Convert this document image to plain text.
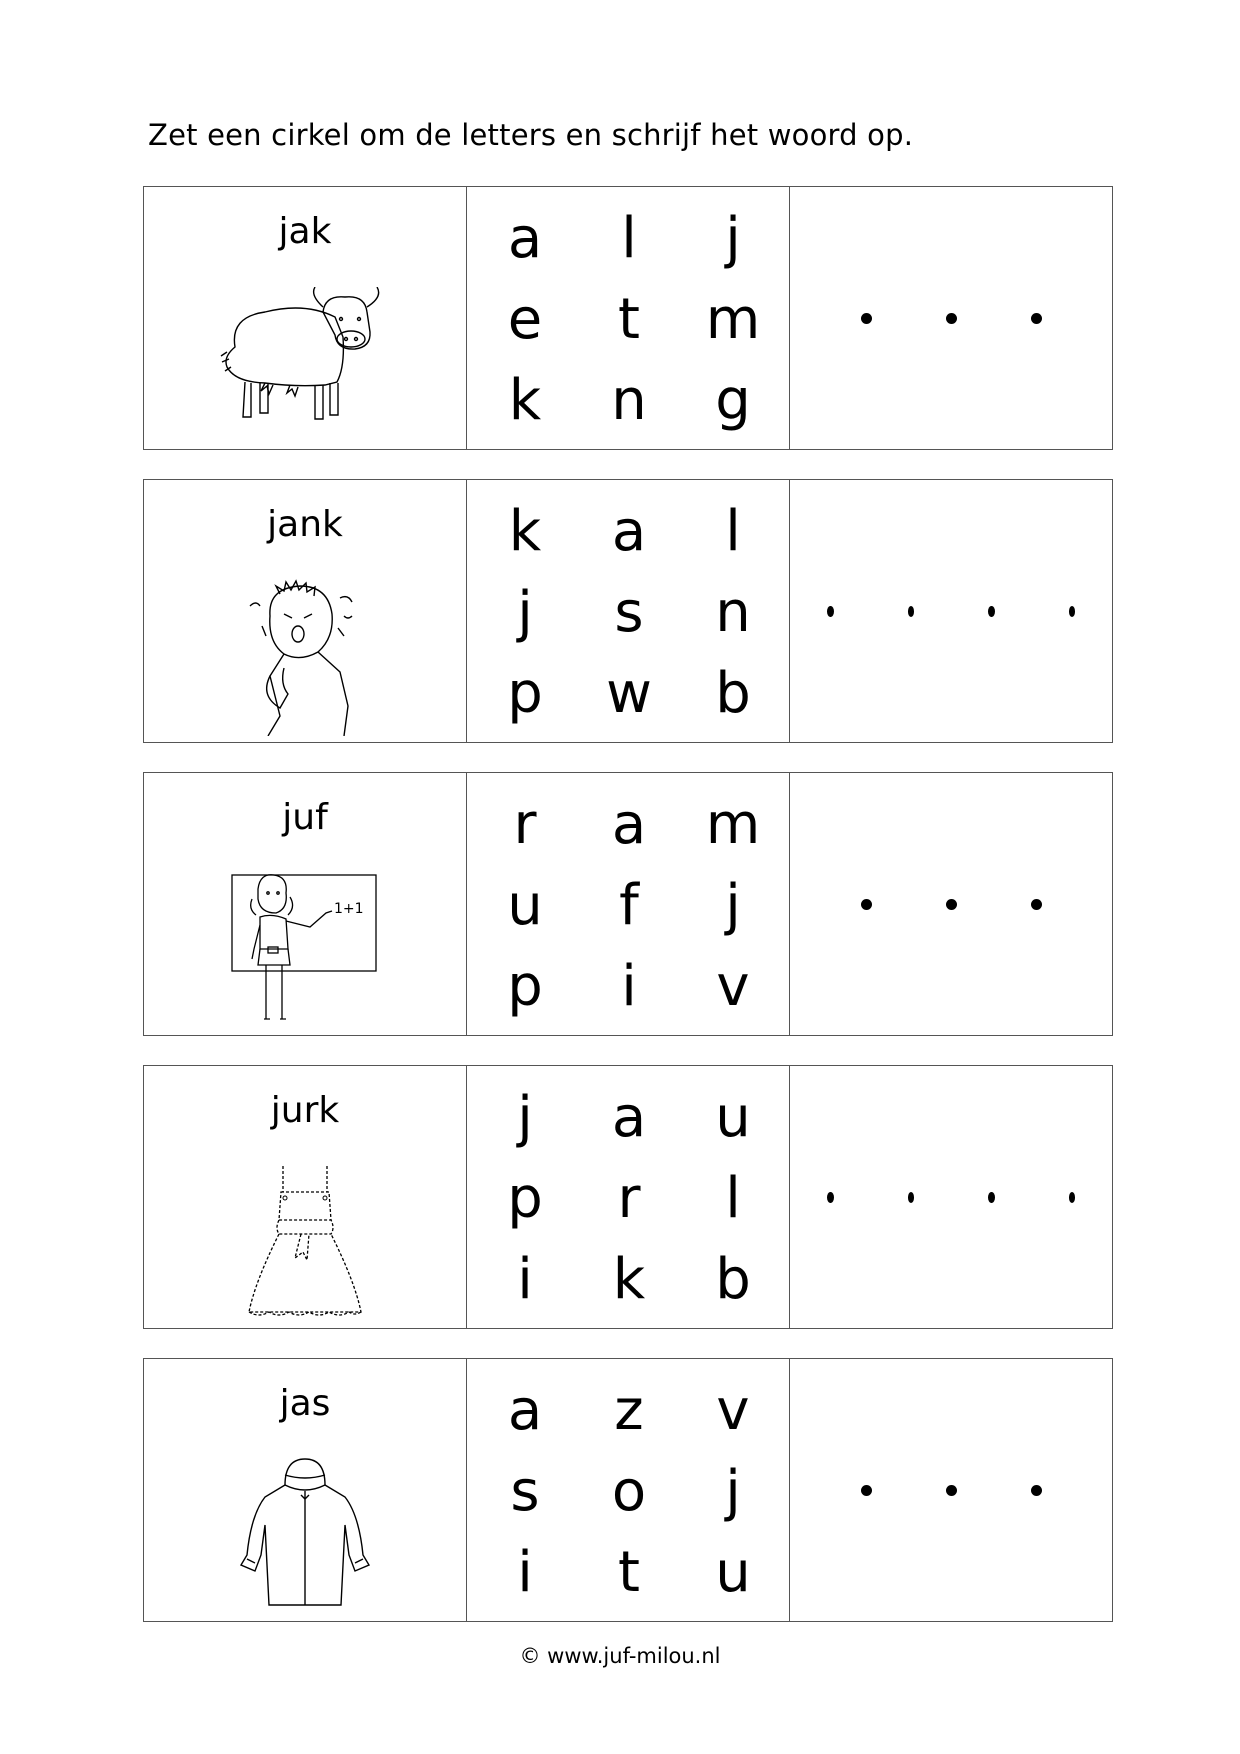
Zet een cirkel om de letters en schrijf het woord op.
jak	a	l	j
e	t	m
k	n	g
jank	k	a	l
j	s	n
p	w	b
juf
1+1
r	a	m
u	f	j
p	i	v
jurk	j	a	u
p	r	l
i	k	b
jas	a	z	v
s	o	j
i	t	u
© www.juf-milou.nl
